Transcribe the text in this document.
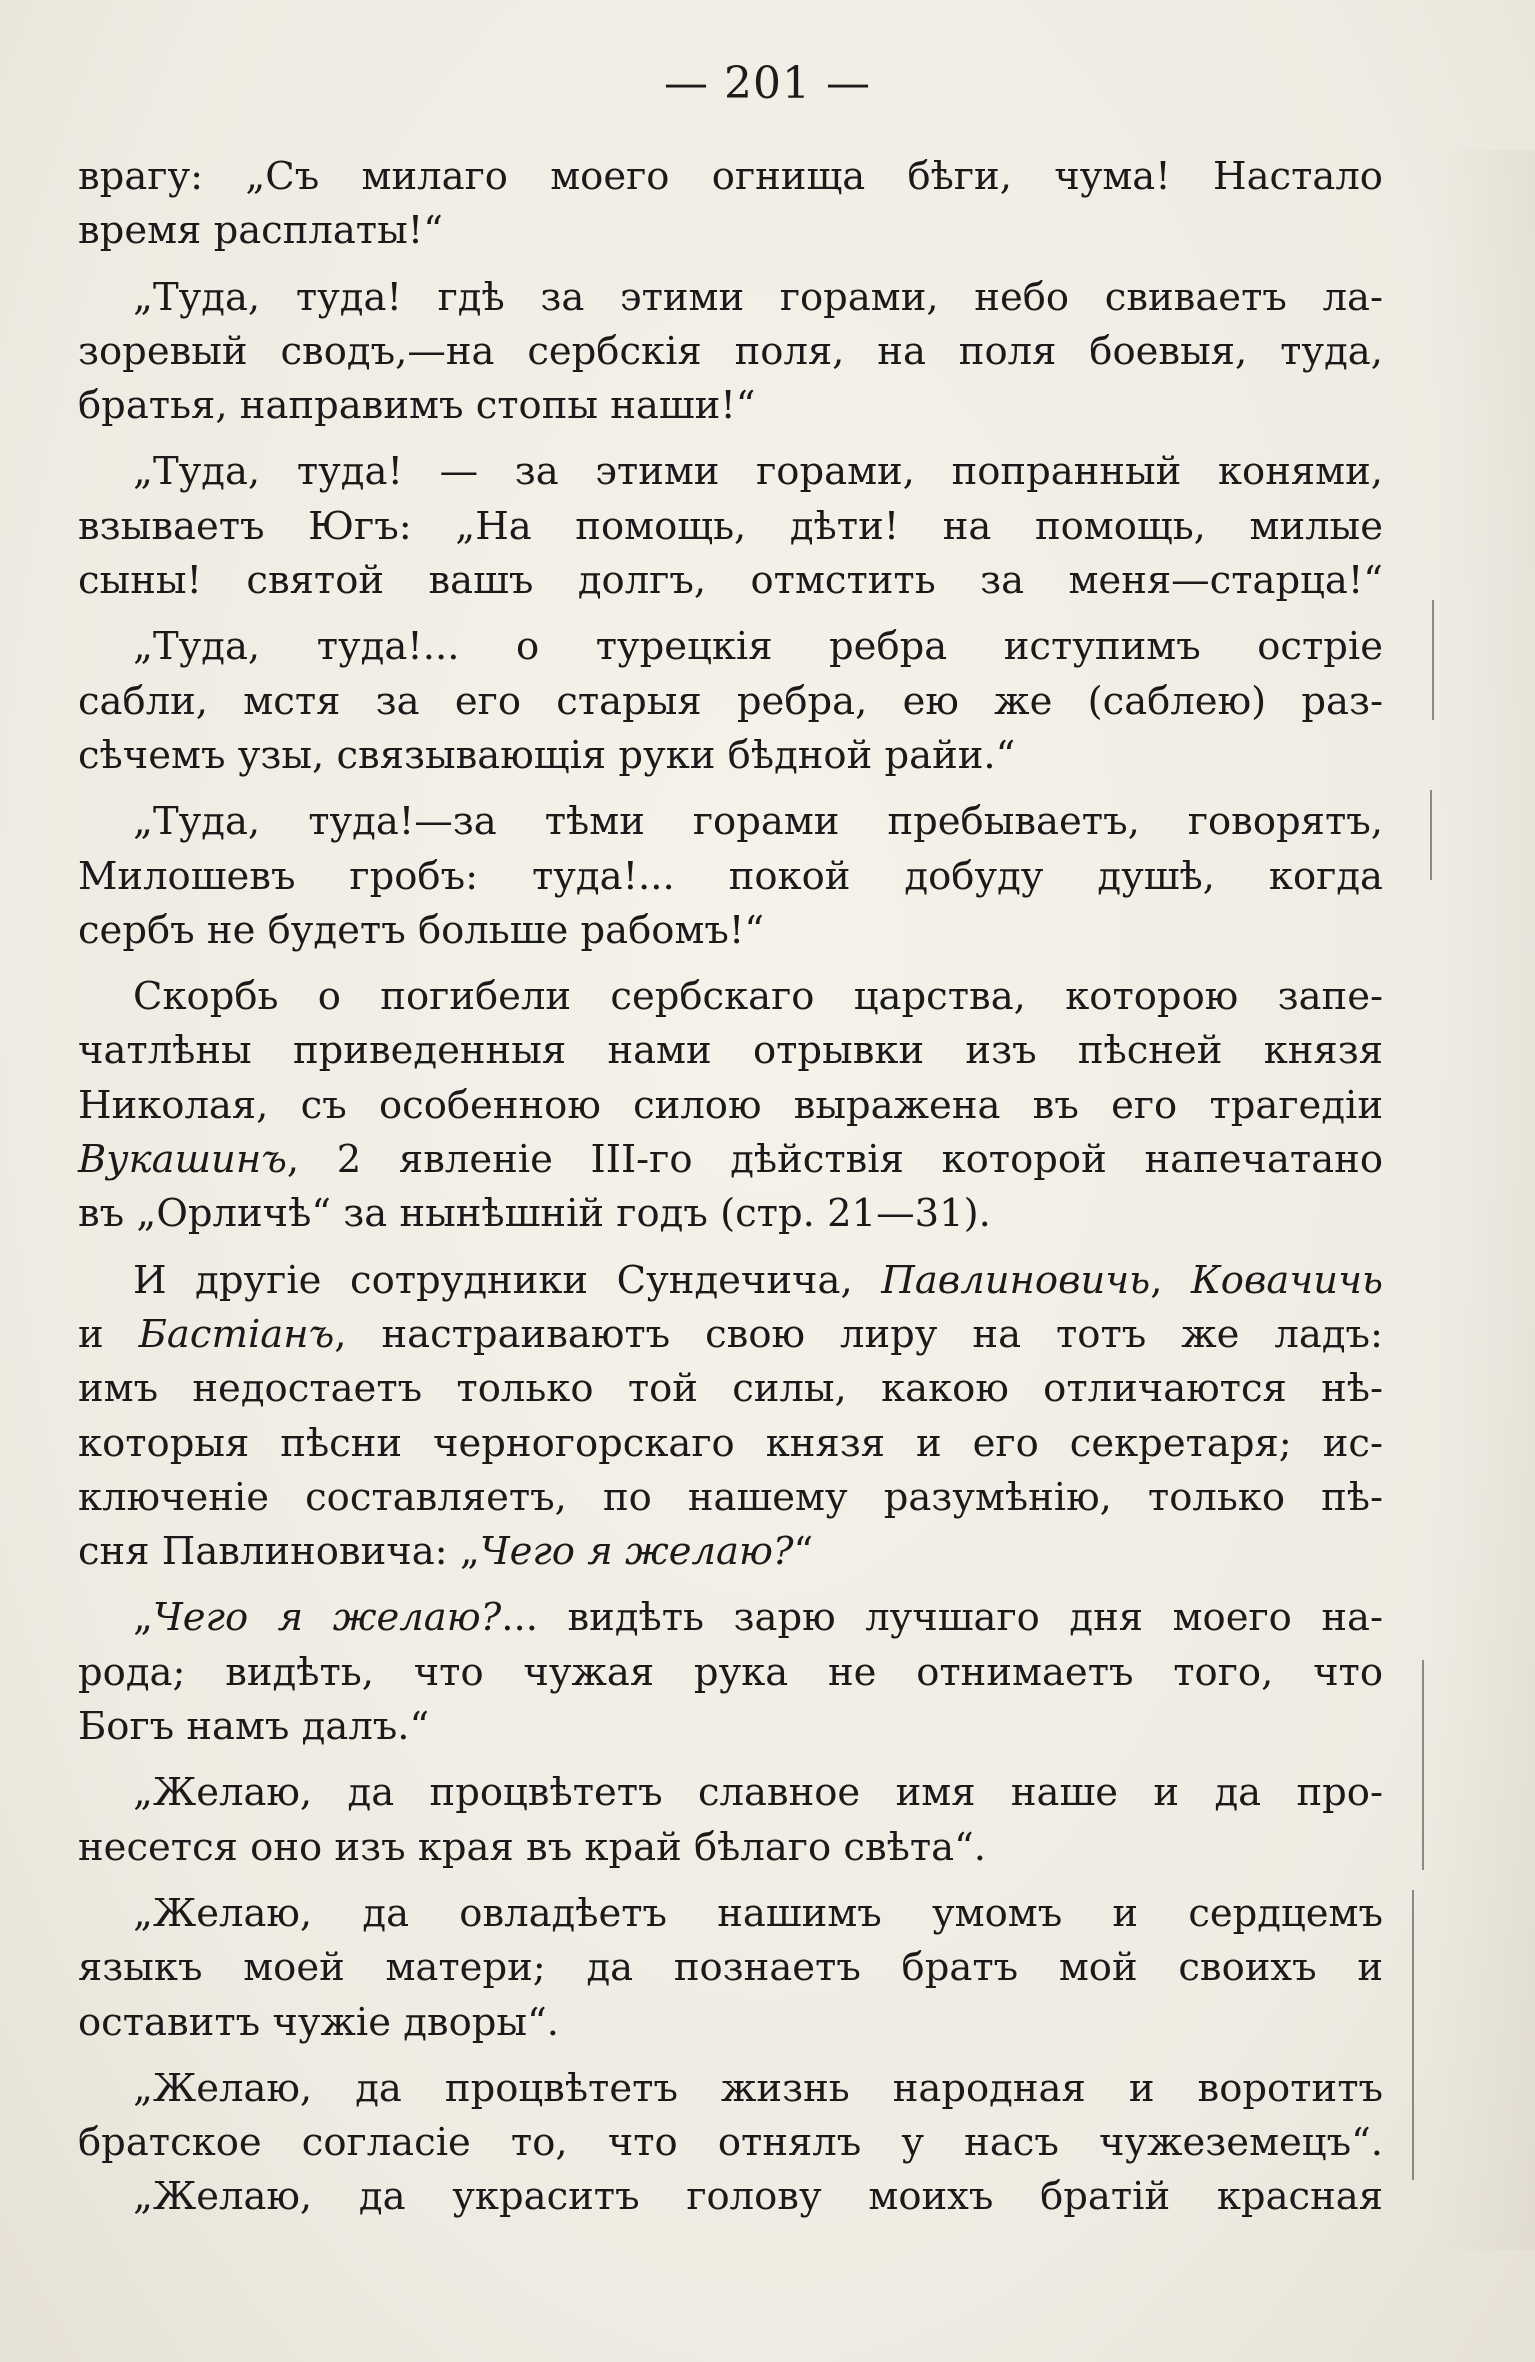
— 201 —
врагу: „Съ милаго моего огнища бѣги, чума! Насталo
время расплаты!“
„Туда, туда! гдѣ за этими горами, небо свиваетъ ла-
зоревый сводъ,—на сербскія поля, на поля боевыя, туда,
братья, направимъ стопы наши!“
„Туда, туда! — за этими горами, попранный конями,
взываетъ Югъ: „На помощь, дѣти! на помощь, милые
сыны! святой вашъ долгъ, отмстить за меня—старца!“
„Туда, туда!... о турецкія ребра иступимъ остріе
сабли, мстя за его старыя ребра, ею же (саблею) раз-
сѣчемъ узы, связывающія руки бѣдной райи.“
„Туда, туда!—за тѣми горами пребываетъ, говорятъ,
Милошевъ гробъ: туда!... покой добуду душѣ, когда
сербъ не будетъ больше рабомъ!“
Скорбь о погибели сербскаго царства, которою запе-
чатлѣны приведенныя нами отрывки изъ пѣсней князя
Николая, съ особенною силою выражена въ его трагедіи
Вукашинъ, 2 явленіе III-го дѣйствія которой напечатано
въ „Орличѣ“ за нынѣшній годъ (стр. 21—31).
И другіе сотрудники Сундечича, Павлиновичь, Ковачичь
и Бастіанъ, настраиваютъ свою лиру на тотъ же ладъ:
имъ недостаетъ только той силы, какою отличаются нѣ-
которыя пѣсни черногорскаго князя и его секретаря; ис-
ключеніе составляетъ, по нашему разумѣнію, только пѣ-
сня Павлиновича: „Чего я желаю?“
„Чего я желаю?... видѣть зарю лучшаго дня моего на-
рода; видѣть, что чужая рука не отнимаетъ того, что
Богъ намъ далъ.“
„Желаю, да процвѣтетъ славное имя наше и да про-
несется оно изъ края въ край бѣлаго свѣта“.
„Желаю, да овладѣетъ нашимъ умомъ и сердцемъ
языкъ моей матери; да познаетъ братъ мой своихъ и
оставитъ чужіе дворы“.
„Желаю, да процвѣтетъ жизнь народная и воротитъ
братское согласіе то, что отнялъ у насъ чужеземецъ“.
„Желаю, да украситъ голову моихъ братій красная
